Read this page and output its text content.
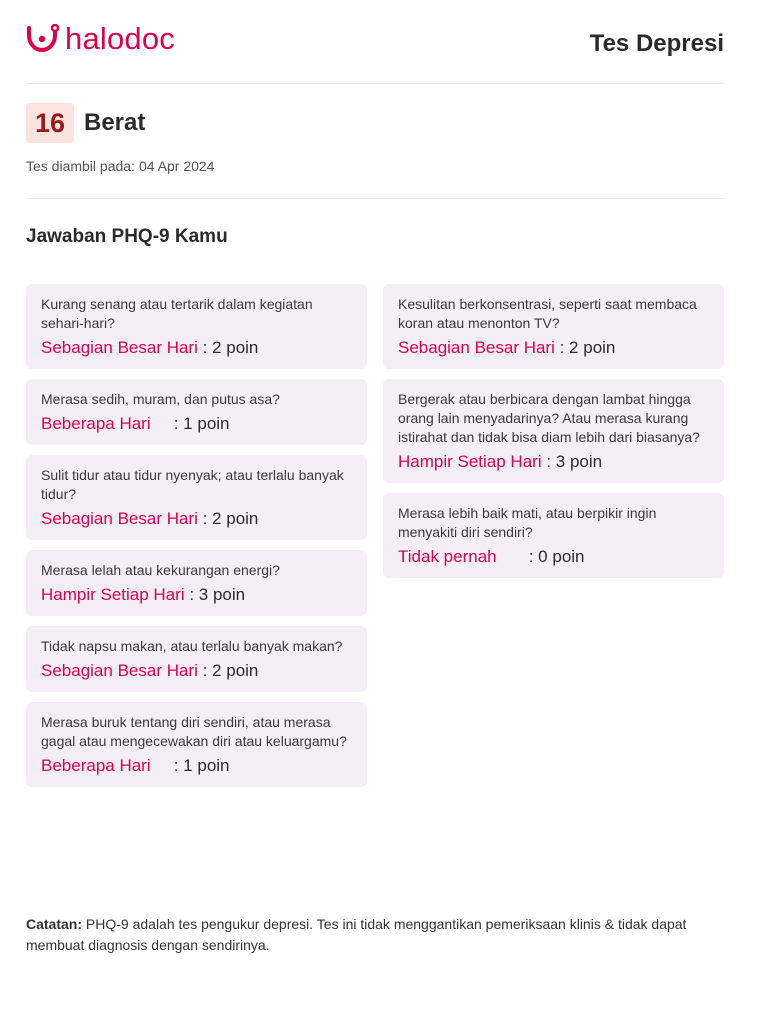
halodoc	Tes Depresi
16 Berat
Tes diambil pada: 04 Apr 2024
Jawaban PHQ-9 Kamu
Kurang senang atau tertarik dalam kegiatan sehari-hari?
Sebagian Besar Hari : 2 poin
Merasa sedih, muram, dan putus asa?
Beberapa Hari : 1 poin
Sulit tidur atau tidur nyenyak; atau terlalu banyak tidur?
Sebagian Besar Hari : 2 poin
Merasa lelah atau kekurangan energi?
Hampir Setiap Hari : 3 poin
Tidak napsu makan, atau terlalu banyak makan?
Sebagian Besar Hari : 2 poin
Merasa buruk tentang diri sendiri, atau merasa gagal atau mengecewakan diri atau keluargamu?
Beberapa Hari : 1 poin
Kesulitan berkonsentrasi, seperti saat membaca koran atau menonton TV?
Sebagian Besar Hari : 2 poin
Bergerak atau berbicara dengan lambat hingga orang lain menyadarinya? Atau merasa kurang istirahat dan tidak bisa diam lebih dari biasanya?
Hampir Setiap Hari : 3 poin
Merasa lebih baik mati, atau berpikir ingin menyakiti diri sendiri?
Tidak pernah : 0 poin
Catatan: PHQ-9 adalah tes pengukur depresi. Tes ini tidak menggantikan pemeriksaan klinis & tidak dapat membuat diagnosis dengan sendirinya.
